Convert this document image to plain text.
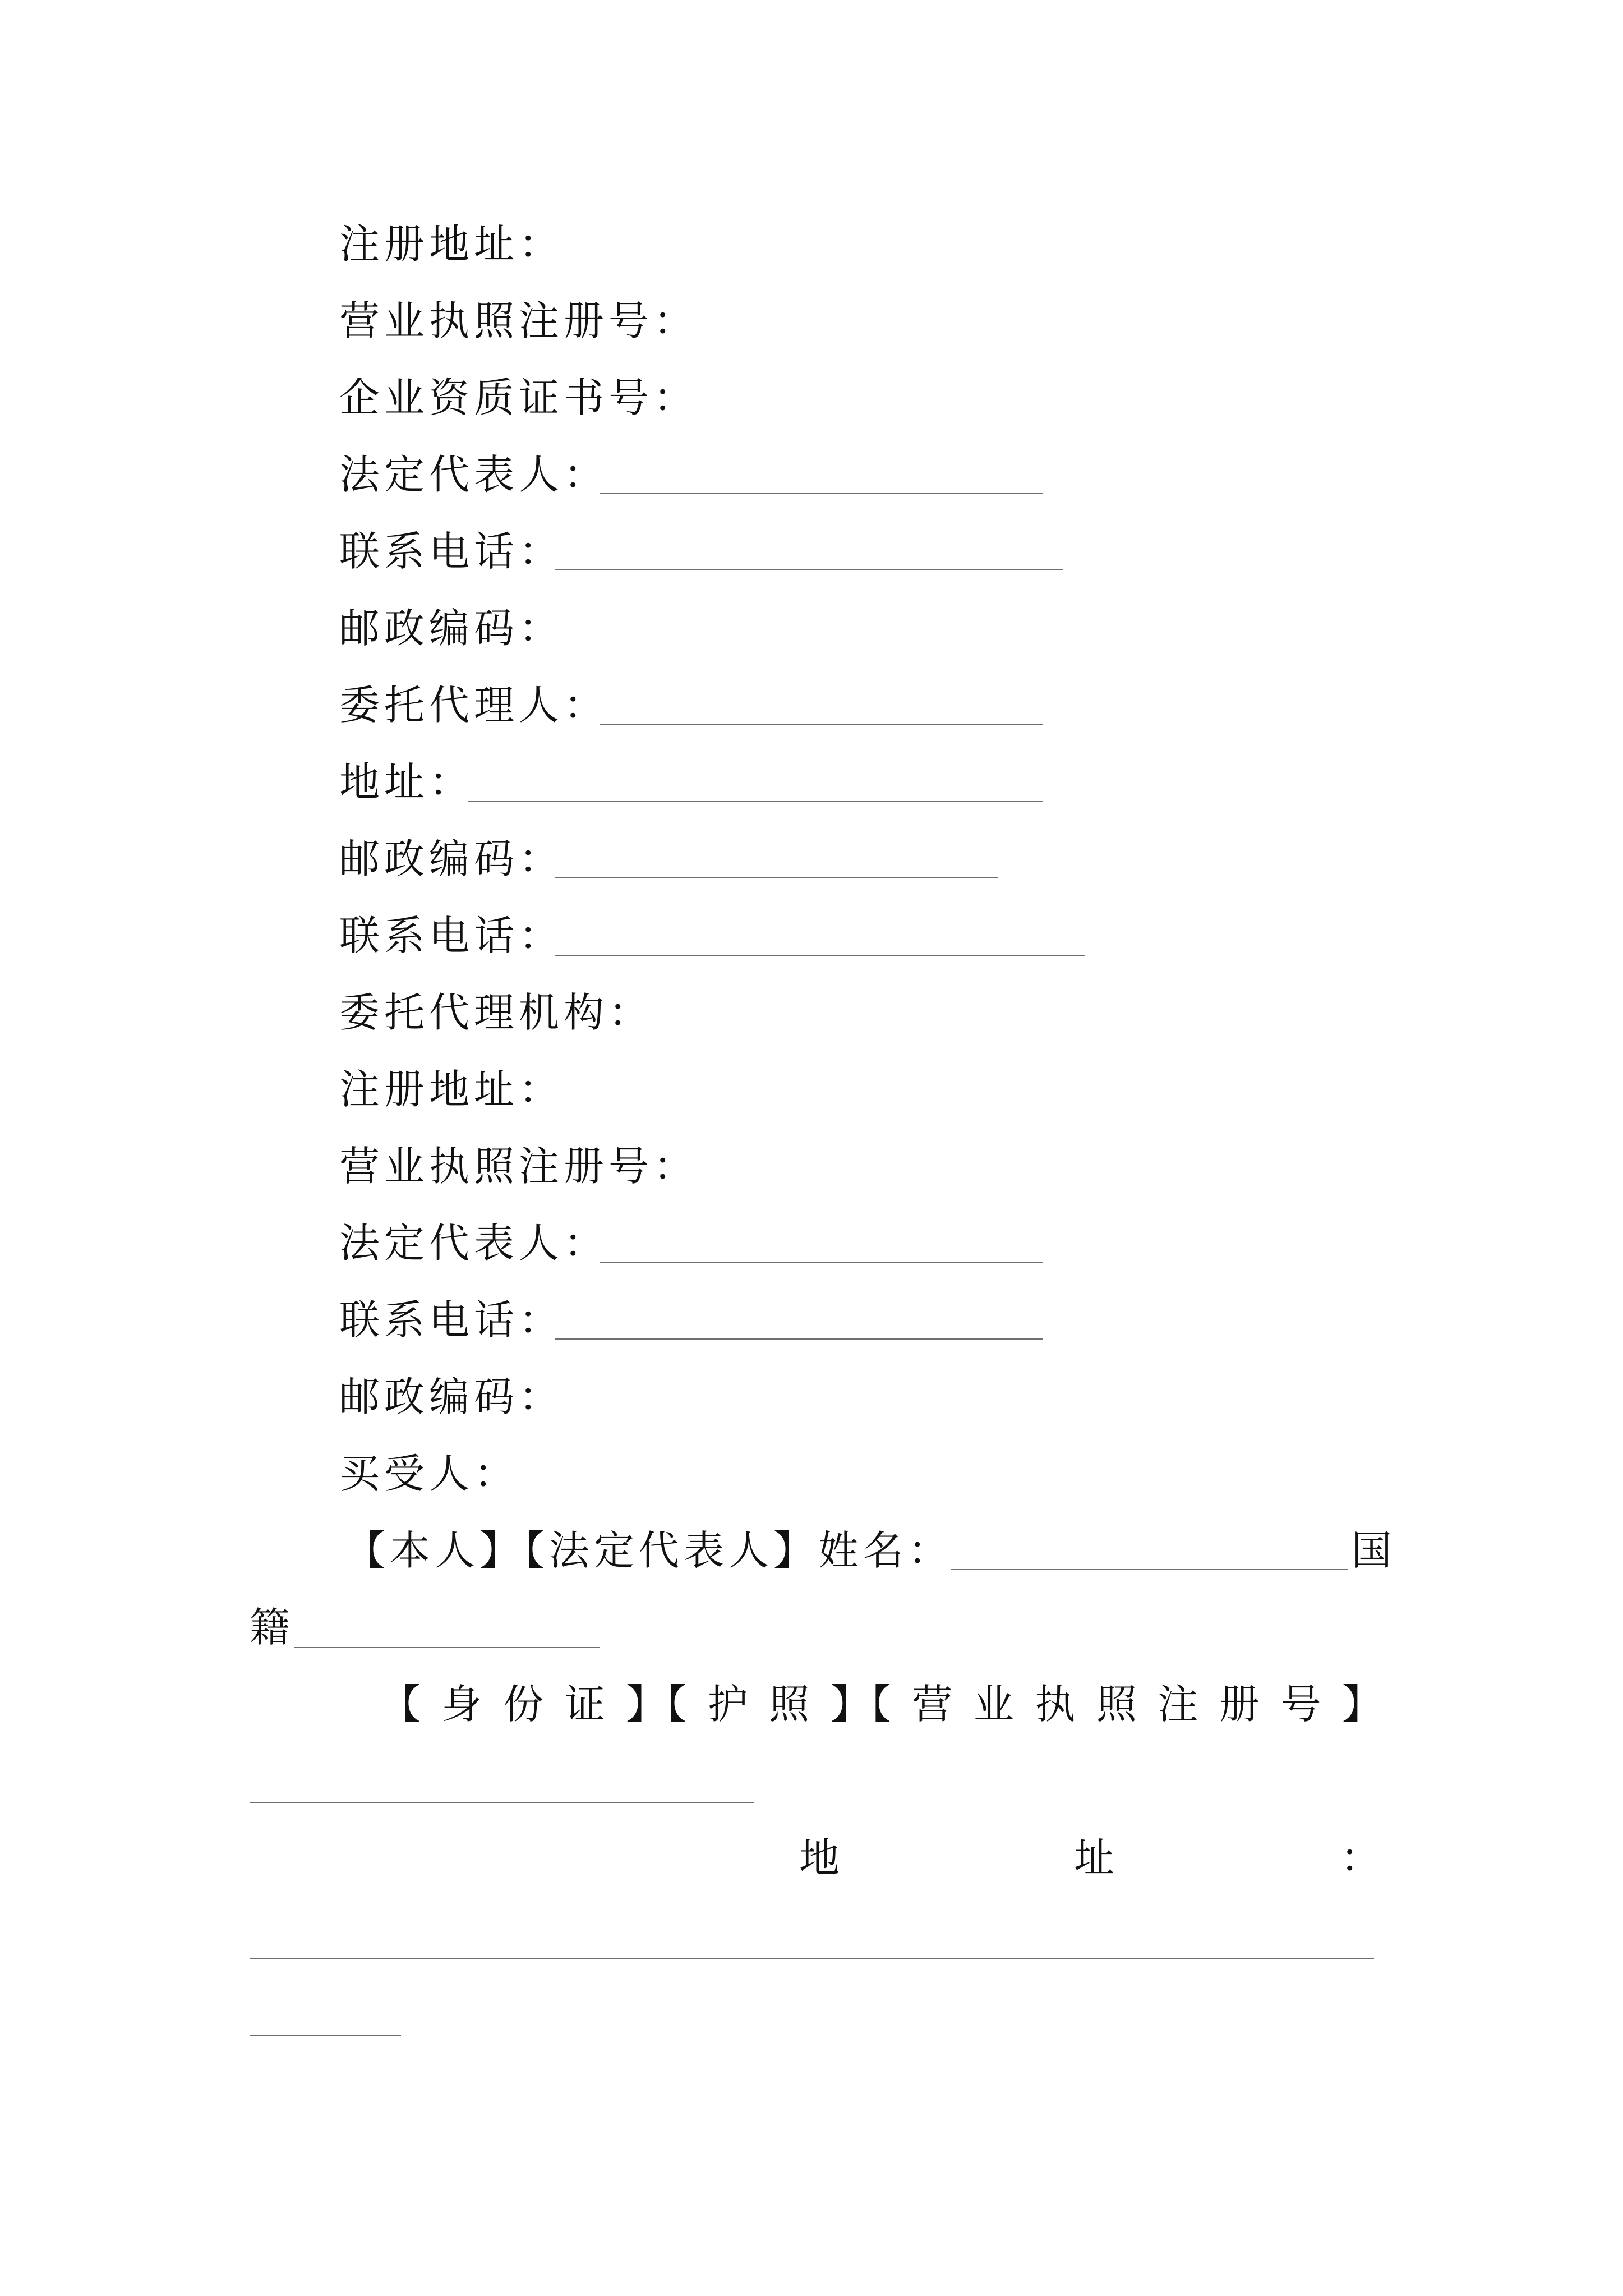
注册地址：
营业执照注册号：
企业资质证书号：
法定代表人：
联系电话：
邮政编码：
委托代理人：
地址：
邮政编码：
联系电话：
委托代理机构：
注册地址：
营业执照注册号：
法定代表人：
联系电话：
邮政编码：
买受人：
【本人】【法定代表人】姓名：	国
籍
【 身 份 证 】【 护 照 】【 营 业 执 照 注 册 号 】
地	址	：
